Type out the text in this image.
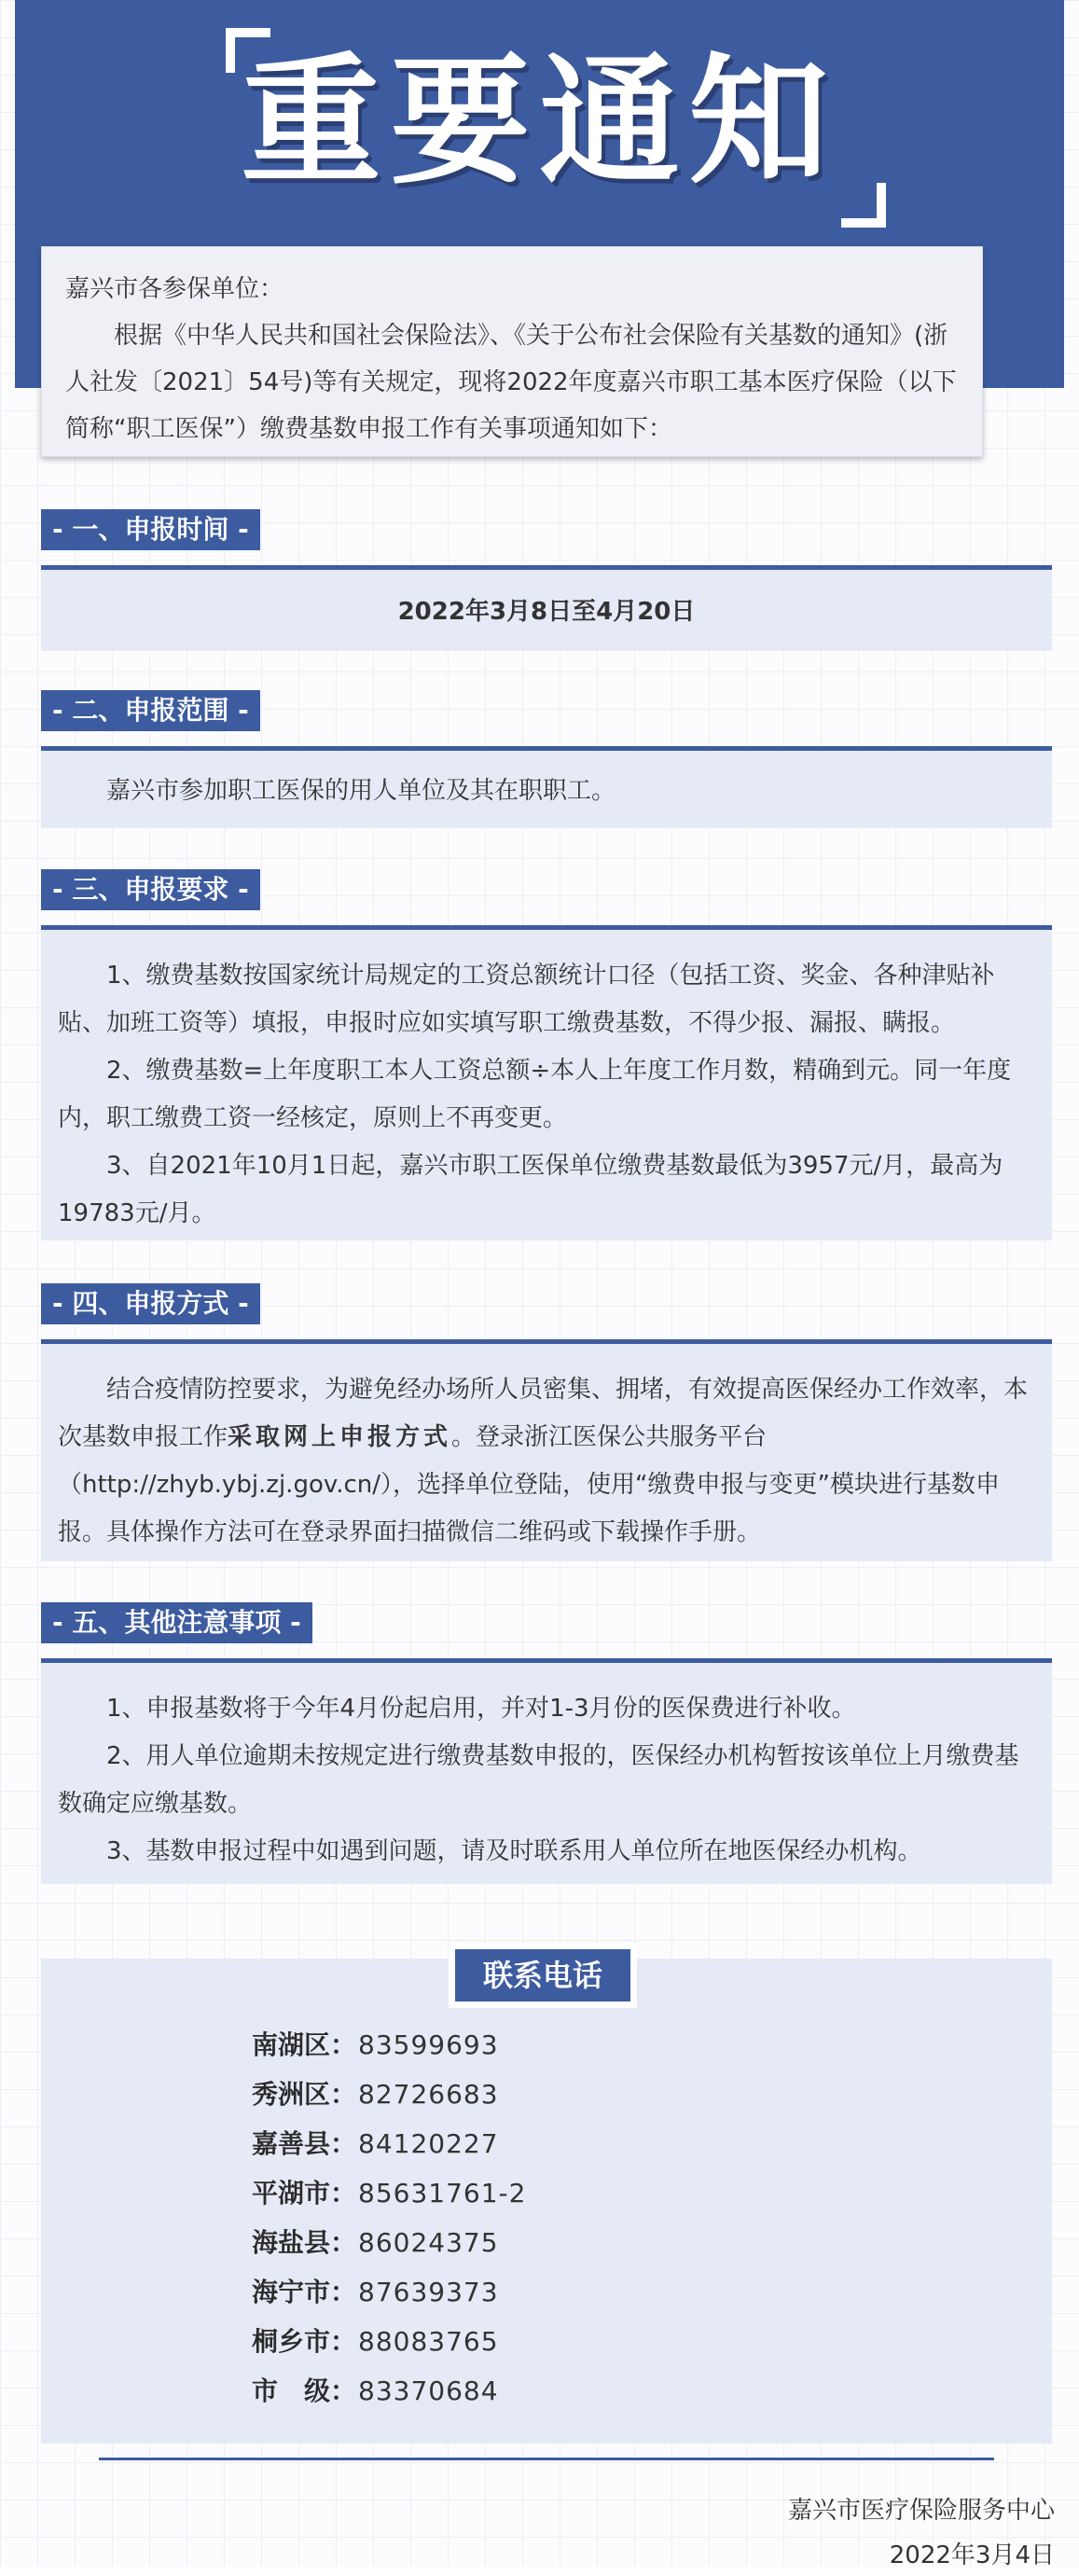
重要通知

嘉兴市各参保单位：

根据《中华人民共和国社会保险法》、《关于公布社会保险有关基数的通知》(浙人社发〔2021〕54号)等有关规定，现将2022年度嘉兴市职工基本医疗保险（以下简称“职工医保”）缴费基数申报工作有关事项通知如下：

- 一、申报时间 -

2022年3月8日至4月20日

- 二、申报范围 -

嘉兴市参加职工医保的用人单位及其在职职工。

- 三、申报要求 -

1、缴费基数按国家统计局规定的工资总额统计口径（包括工资、奖金、各种津贴补贴、加班工资等）填报，申报时应如实填写职工缴费基数，不得少报、漏报、瞒报。

2、缴费基数=上年度职工本人工资总额÷本人上年度工作月数，精确到元。同一年度内，职工缴费工资一经核定，原则上不再变更。

3、自2021年10月1日起，嘉兴市职工医保单位缴费基数最低为3957元/月，最高为19783元/月。

- 四、申报方式 -

结合疫情防控要求，为避免经办场所人员密集、拥堵，有效提高医保经办工作效率，本次基数申报工作采取网上申报方式。登录浙江医保公共服务平台（http://zhyb.ybj.zj.gov.cn/），选择单位登陆，使用“缴费申报与变更”模块进行基数申报。具体操作方法可在登录界面扫描微信二维码或下载操作手册。

- 五、其他注意事项 -

1、申报基数将于今年4月份起启用，并对1-3月份的医保费进行补收。

2、用人单位逾期未按规定进行缴费基数申报的，医保经办机构暂按该单位上月缴费基数确定应缴基数。

3、基数申报过程中如遇到问题，请及时联系用人单位所在地医保经办机构。

联系电话
南湖区：83599693
秀洲区：82726683
嘉善县：84120227
平湖市：85631761-2
海盐县：86024375
海宁市：87639373
桐乡市：88083765
市　级：83370684
嘉兴市医疗保险服务中心
2022年3月4日
